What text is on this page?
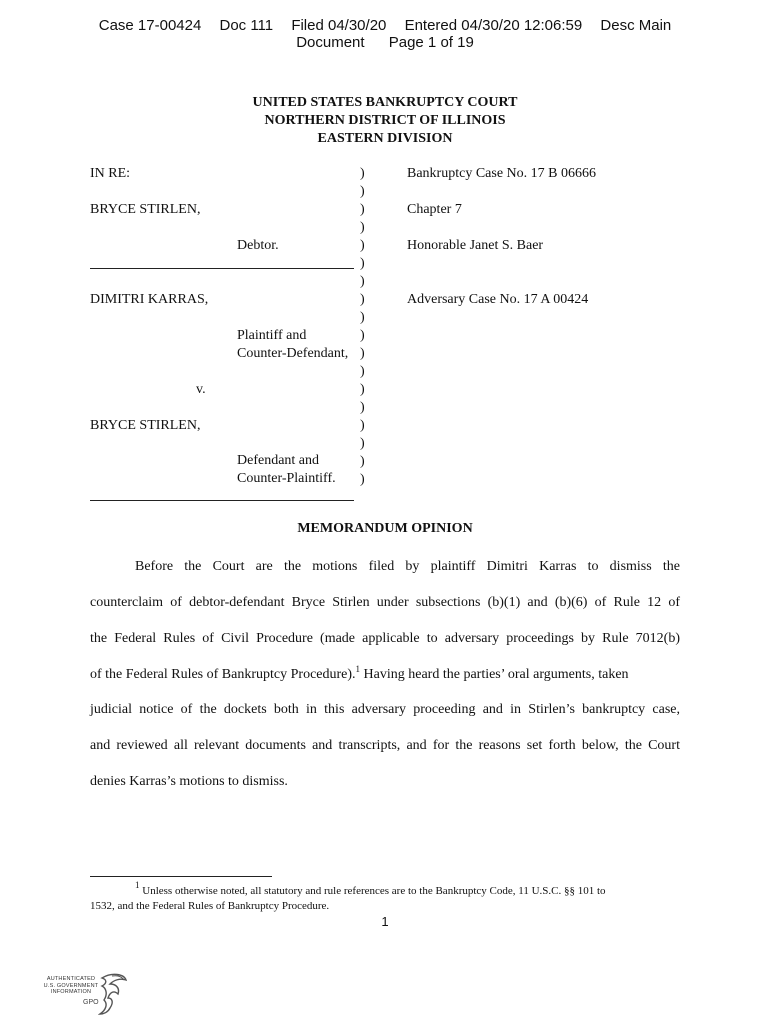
Case 17-00424 Doc 111 Filed 04/30/20 Entered 04/30/20 12:06:59 Desc Main
Document Page 1 of 19
UNITED STATES BANKRUPTCY COURT
NORTHERN DISTRICT OF ILLINOIS
EASTERN DIVISION
IN RE:
BRYCE STIRLEN,
Debtor.
DIMITRI KARRAS,
Plaintiff and
Counter-Defendant,
v.
BRYCE STIRLEN,
Defendant and
Counter-Plaintiff.
)
)
)
)
)
)
)
)
)
)
)
)
)
)
)
)
)
)
Bankruptcy Case No. 17 B 06666
Chapter 7
Honorable Janet S. Baer
Adversary Case No. 17 A 00424
MEMORANDUM OPINION
Before the Court are the motions filed by plaintiff Dimitri Karras to dismiss the
counterclaim of debtor-defendant Bryce Stirlen under subsections (b)(1) and (b)(6) of Rule 12 of
the Federal Rules of Civil Procedure (made applicable to adversary proceedings by Rule 7012(b)
of the Federal Rules of Bankruptcy Procedure).$^1$ Having heard the parties’ oral arguments, taken
judicial notice of the dockets both in this adversary proceeding and in Stirlen’s bankruptcy case,
and reviewed all relevant documents and transcripts, and for the reasons set forth below, the Court
denies Karras’s motions to dismiss.
$^1$ Unless otherwise noted, all statutory and rule references are to the Bankruptcy Code, 11 U.S.C. §§ 101 to
1532, and the Federal Rules of Bankruptcy Procedure.
1
AUTHENTICATED
U.S. GOVERNMENT
INFORMATION
GPO
